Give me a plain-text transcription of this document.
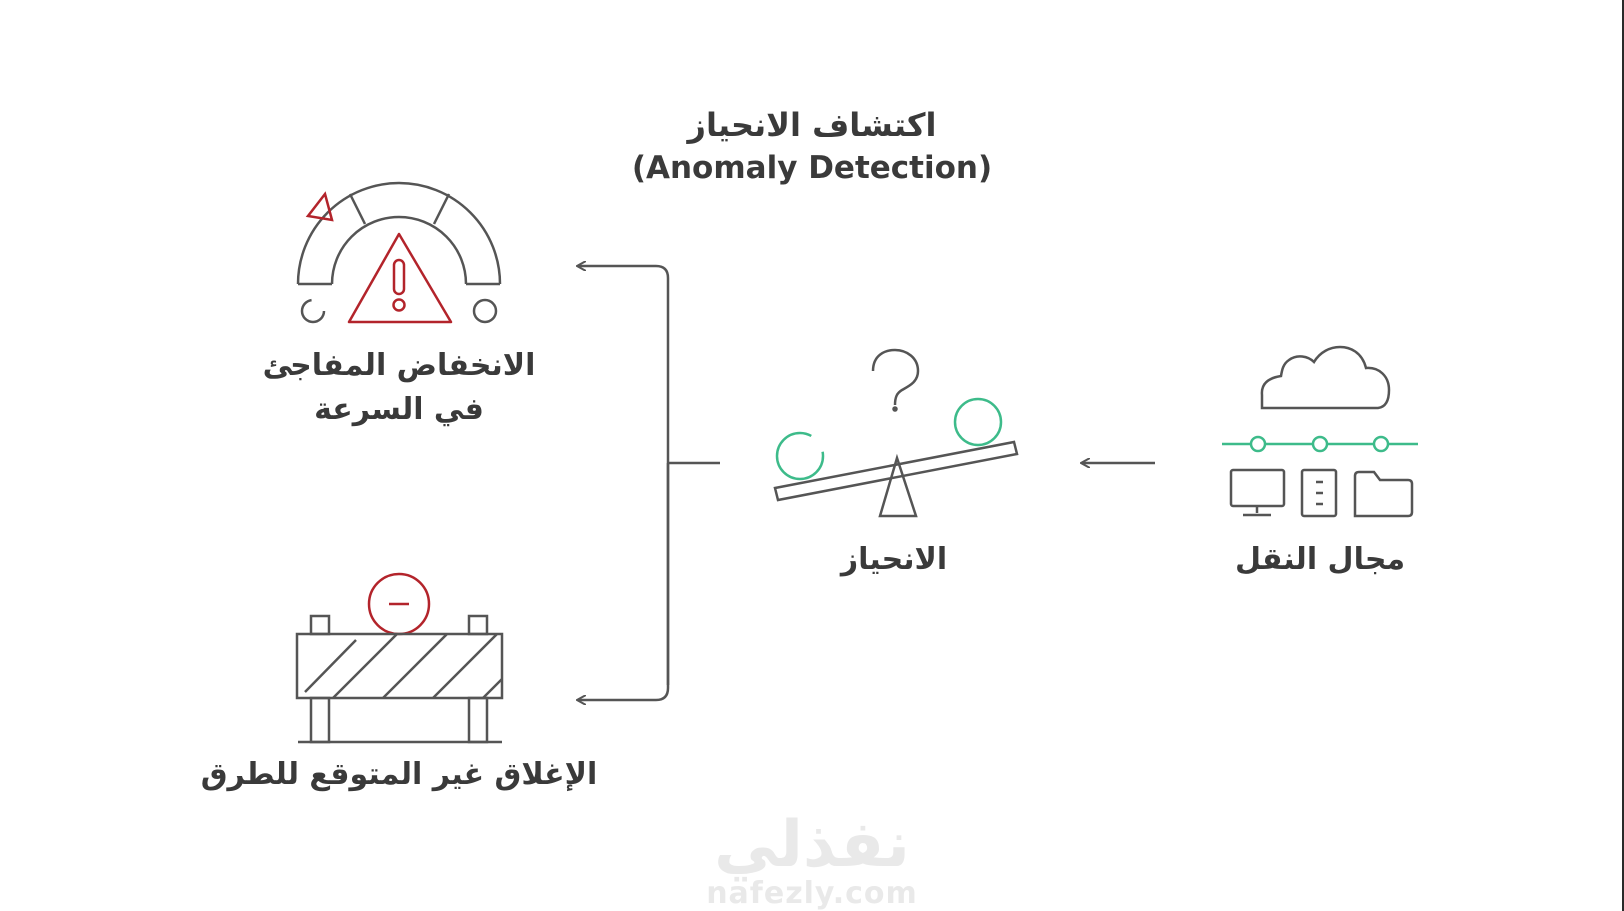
اكتشاف الانحياز
(Anomaly Detection)
مجال النقل
الانحياز
الانخفاض المفاجئ
في السرعة
الإغلاق غير المتوقع للطرق
نفذلي
nafezly.com
